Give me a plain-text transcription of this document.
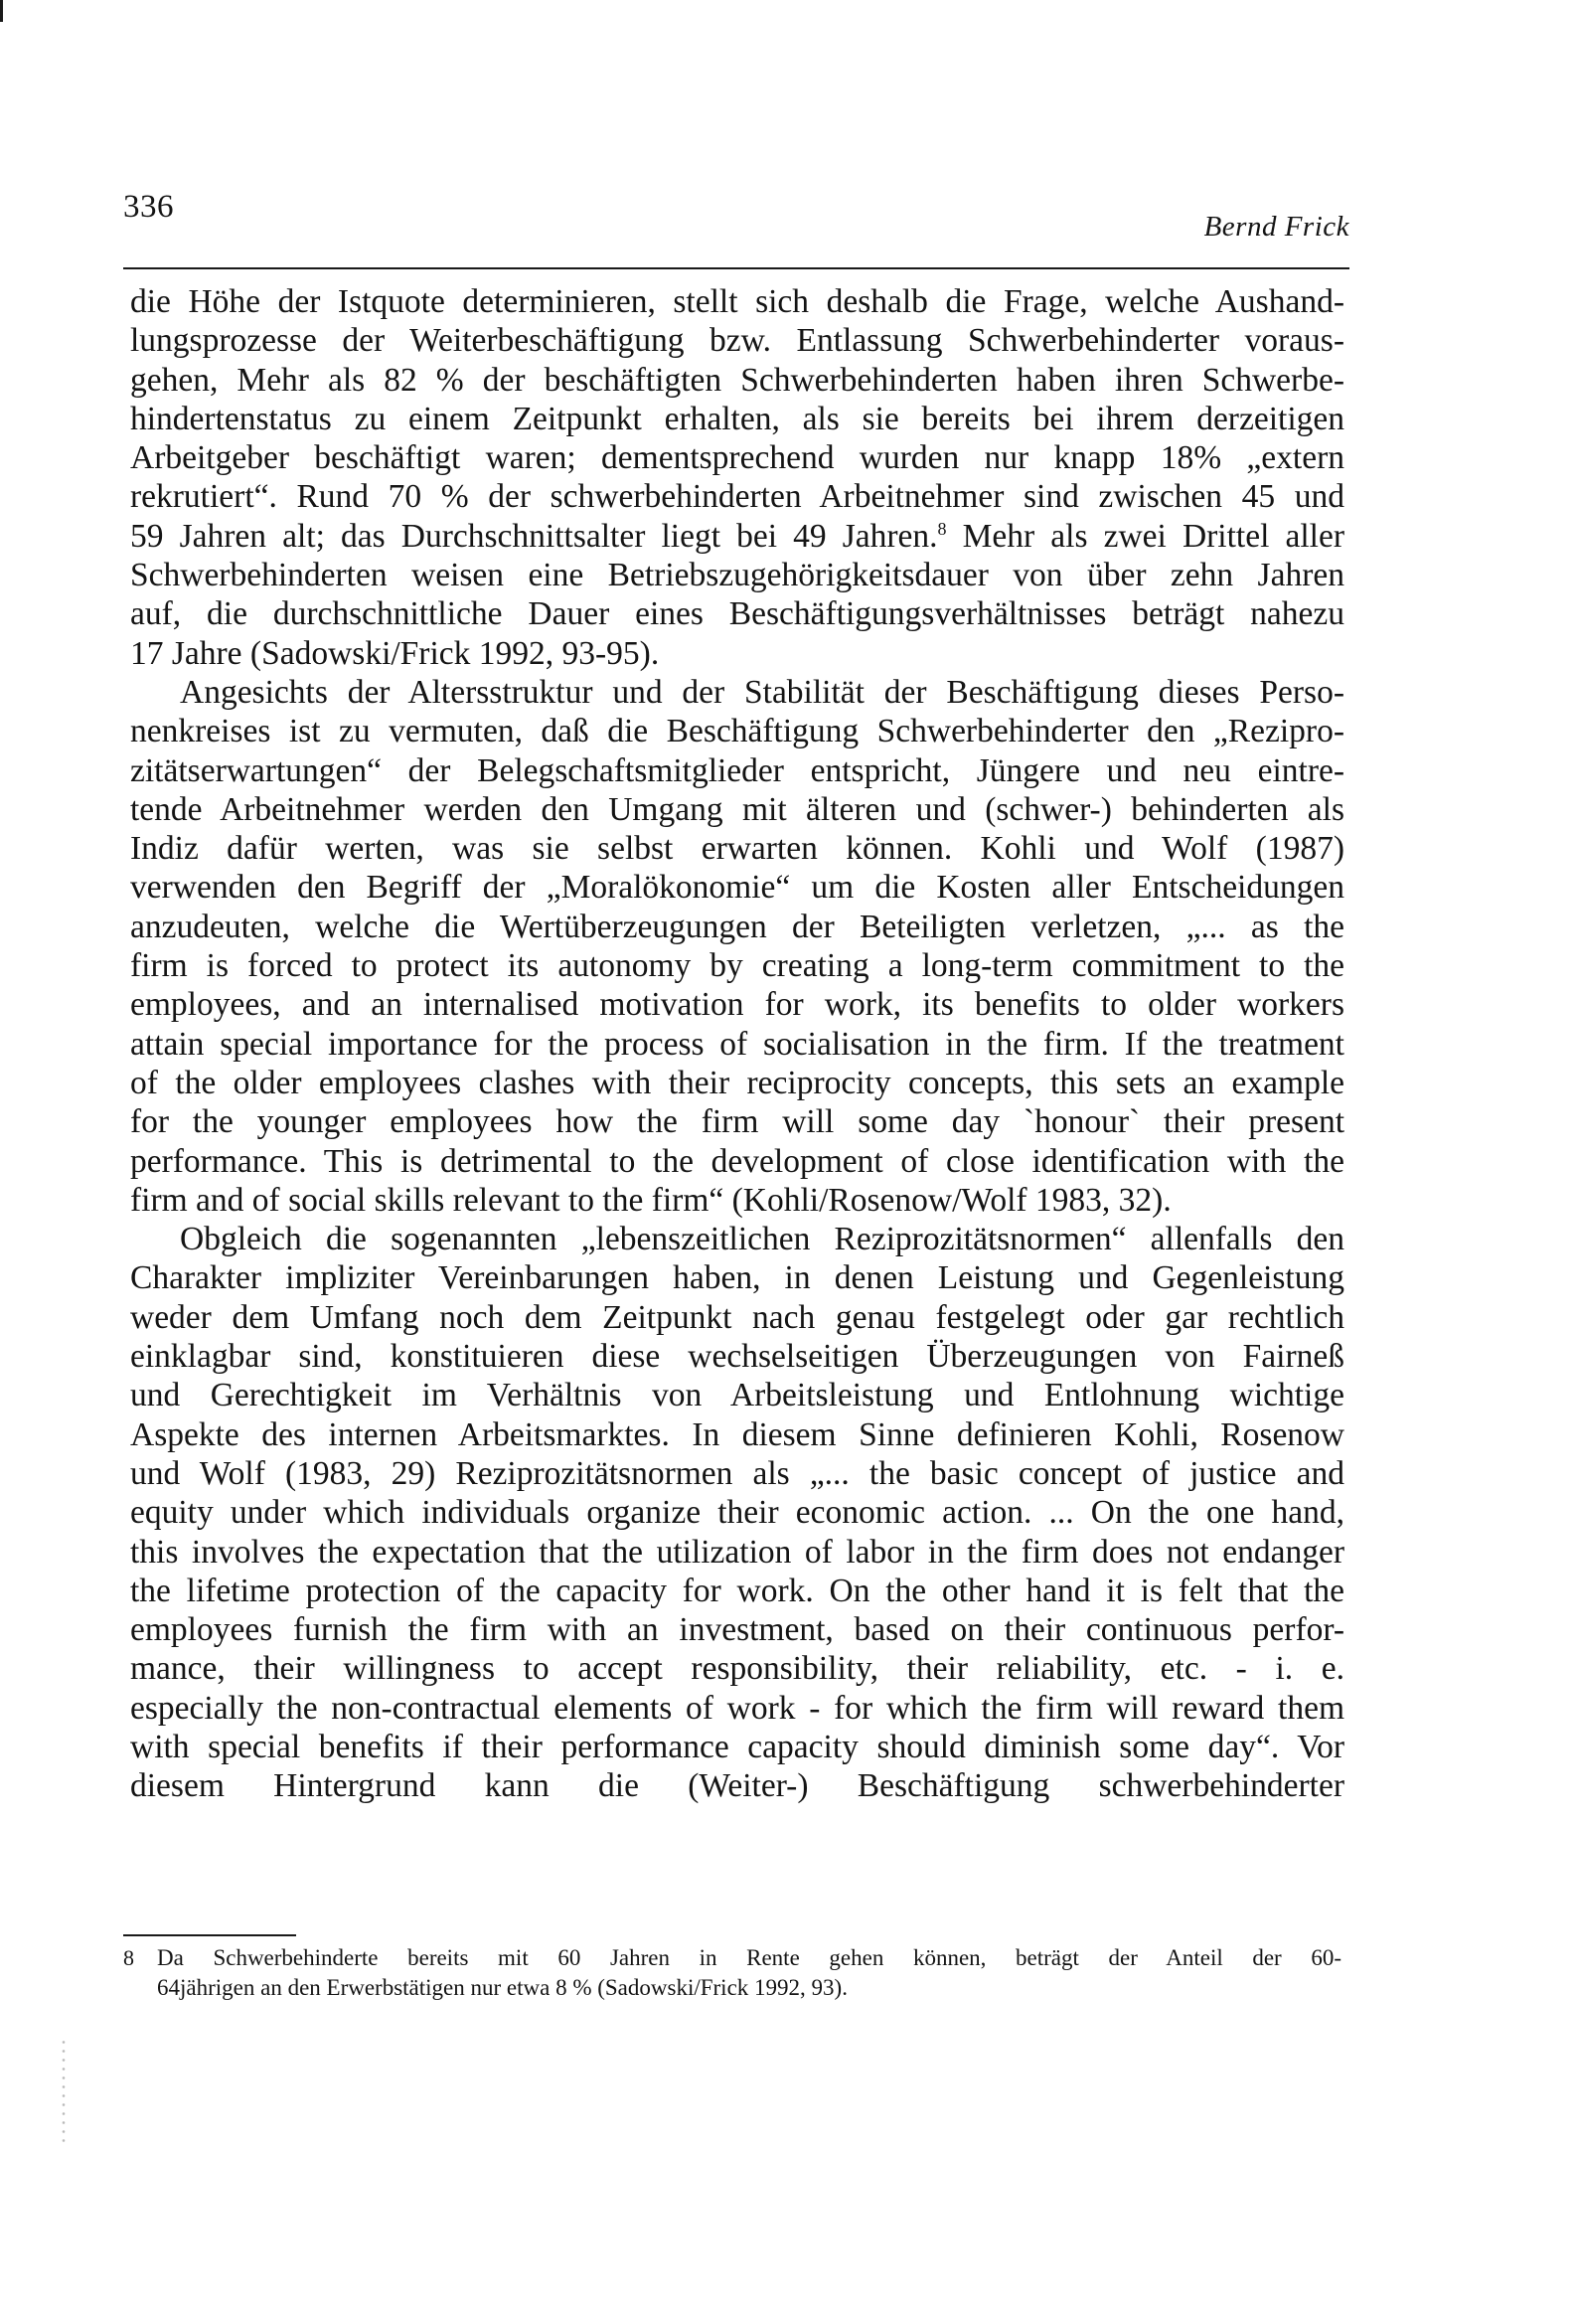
336
Bernd Frick
die Höhe der Istquote determinieren, stellt sich deshalb die Frage, welche Aushand-
lungsprozesse der Weiterbeschäftigung bzw. Entlassung Schwerbehinderter voraus-
gehen, Mehr als 82 % der beschäftigten Schwerbehinderten haben ihren Schwerbe-
hindertenstatus zu einem Zeitpunkt erhalten, als sie bereits bei ihrem derzeitigen
Arbeitgeber beschäftigt waren; dementsprechend wurden nur knapp 18% „extern
rekrutiert“. Rund 70 % der schwerbehinderten Arbeitnehmer sind zwischen 45 und
59 Jahren alt; das Durchschnittsalter liegt bei 49 Jahren.$^8$ Mehr als zwei Drittel aller
Schwerbehinderten weisen eine Betriebszugehörigkeitsdauer von über zehn Jahren
auf, die durchschnittliche Dauer eines Beschäftigungsverhältnisses beträgt nahezu
17 Jahre (Sadowski/Frick 1992, 93-95).
Angesichts der Altersstruktur und der Stabilität der Beschäftigung dieses Perso-
nenkreises ist zu vermuten, daß die Beschäftigung Schwerbehinderter den „Rezipro-
zitätserwartungen“ der Belegschaftsmitglieder entspricht, Jüngere und neu eintre-
tende Arbeitnehmer werden den Umgang mit älteren und (schwer-) behinderten als
Indiz dafür werten, was sie selbst erwarten können. Kohli und Wolf (1987)
verwenden den Begriff der „Moralökonomie“ um die Kosten aller Entscheidungen
anzudeuten, welche die Wertüberzeugungen der Beteiligten verletzen, „... as the
firm is forced to protect its autonomy by creating a long-term commitment to the
employees, and an internalised motivation for work, its benefits to older workers
attain special importance for the process of socialisation in the firm. If the treatment
of the older employees clashes with their reciprocity concepts, this sets an example
for the younger employees how the firm will some day `honour` their present
performance. This is detrimental to the development of close identification with the
firm and of social skills relevant to the firm“ (Kohli/Rosenow/Wolf 1983, 32).
Obgleich die sogenannten „lebenszeitlichen Reziprozitätsnormen“ allenfalls den
Charakter impliziter Vereinbarungen haben, in denen Leistung und Gegenleistung
weder dem Umfang noch dem Zeitpunkt nach genau festgelegt oder gar rechtlich
einklagbar sind, konstituieren diese wechselseitigen Überzeugungen von Fairneß
und Gerechtigkeit im Verhältnis von Arbeitsleistung und Entlohnung wichtige
Aspekte des internen Arbeitsmarktes. In diesem Sinne definieren Kohli, Rosenow
und Wolf (1983, 29) Reziprozitätsnormen als „... the basic concept of justice and
equity under which individuals organize their economic action. ... On the one hand,
this involves the expectation that the utilization of labor in the firm does not endanger
the lifetime protection of the capacity for work. On the other hand it is felt that the
employees furnish the firm with an investment, based on their continuous perfor-
mance, their willingness to accept responsibility, their reliability, etc. - i. e.
especially the non-contractual elements of work - for which the firm will reward them
with special benefits if their performance capacity should diminish some day“. Vor
diesem Hintergrund kann die (Weiter-) Beschäftigung schwerbehinderter
8 Da Schwerbehinderte bereits mit 60 Jahren in Rente gehen können, beträgt der Anteil der 60-
64jährigen an den Erwerbstätigen nur etwa 8 % (Sadowski/Frick 1992, 93).
